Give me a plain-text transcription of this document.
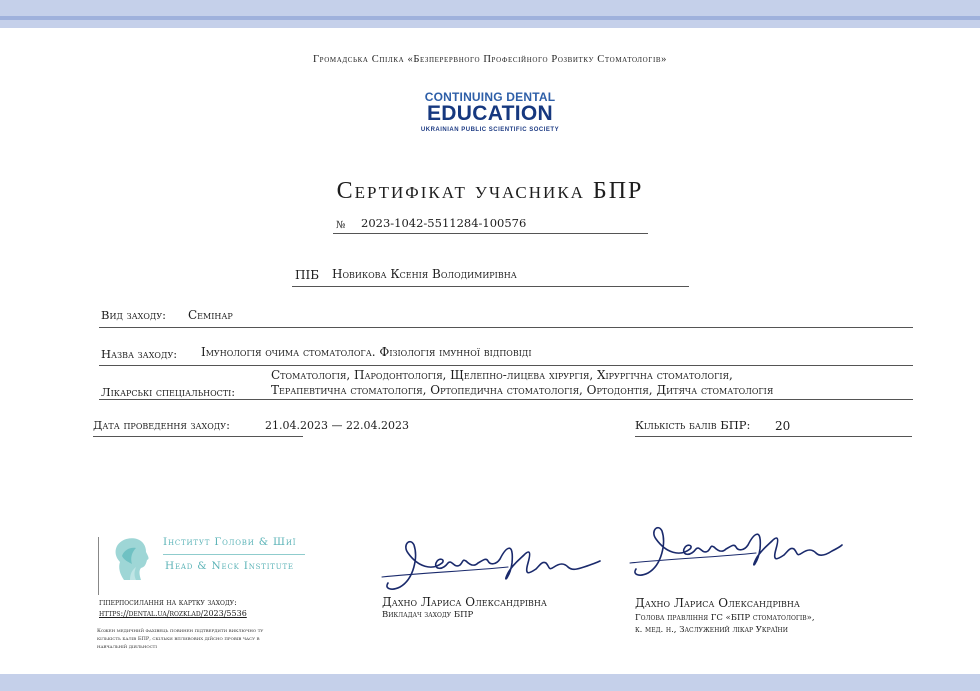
Громадська Спілка «Безперервного Професійного Розвитку Стоматологів»
CONTINUING DENTAL
EDUCATION
UKRAINIAN PUBLIC SCIENTIFIC SOCIETY
Сертифікат учасника БПР
№ 2023-1042-5511284-100576
ПІБ Новикова Ксенія Володимирівна
Вид заходу: Семінар
Назва заходу: Імунологія очима стоматолога. Фізіологія імунної відповіді
Лікарські спеціальності:
Стоматологія, Пародонтологія, Щелепно-лицева хірургія, Хірургічна стоматологія,
Терапевтична стоматологія, Ортопедична стоматологія, Ортодонтія, Дитяча стоматологія
Дата проведення заходу:	21.04.2023 — 22.04.2023	Кількість балів БПР: 20
Інститут Голови & Шиї
Head & Neck Institute
гіперпосилання на картку заходу:
https://dental.ua/rozklad/2023/5536
Кожен медичний фахівець повинен підтвердити виключно ту кількість балів БПР, скільки впливових дійсно провів часу в навчальній діяльності
Дахно Лариса Олександрівна
Викладач заходу БПР
Дахно Лариса Олександрівна
Голова правління ГС «БПР стоматологів»,
к. мед. н., Заслужений лікар України
